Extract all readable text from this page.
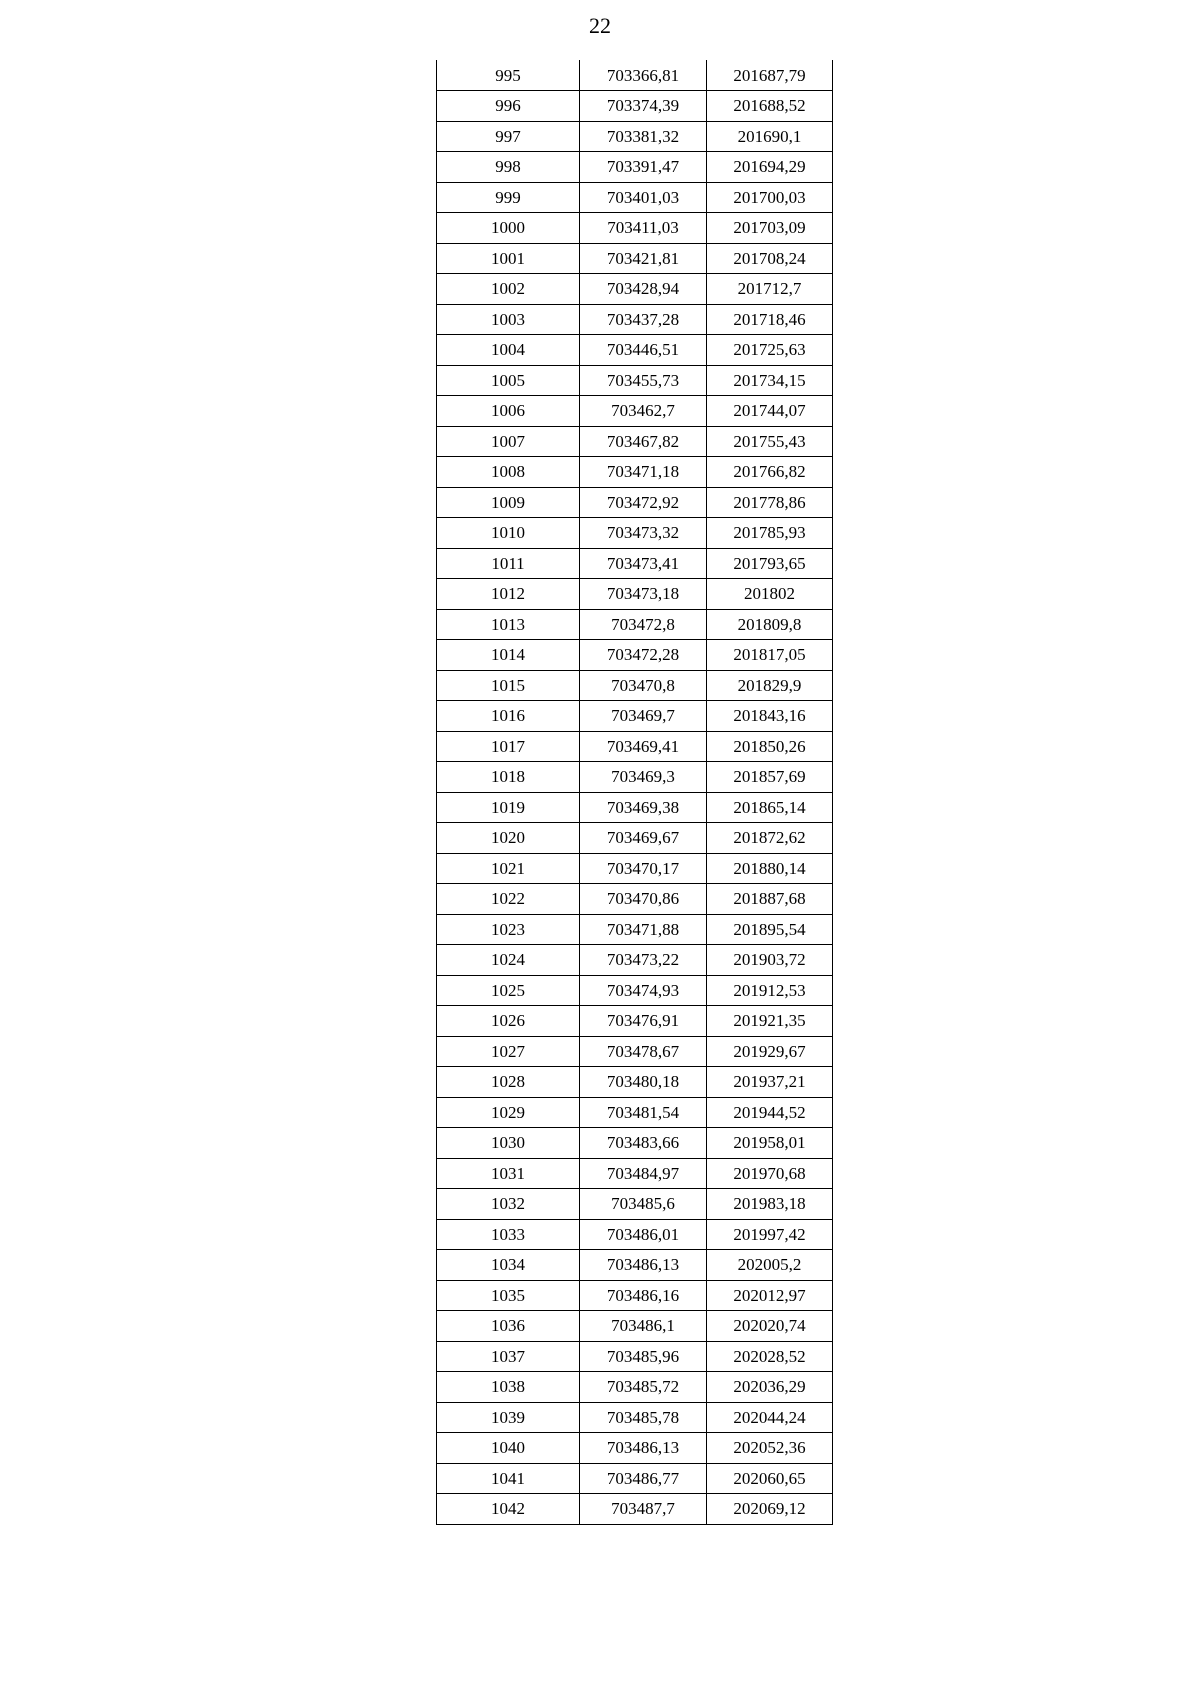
22
995	703366,81	201687,79
996	703374,39	201688,52
997	703381,32	201690,1
998	703391,47	201694,29
999	703401,03	201700,03
1000	703411,03	201703,09
1001	703421,81	201708,24
1002	703428,94	201712,7
1003	703437,28	201718,46
1004	703446,51	201725,63
1005	703455,73	201734,15
1006	703462,7	201744,07
1007	703467,82	201755,43
1008	703471,18	201766,82
1009	703472,92	201778,86
1010	703473,32	201785,93
1011	703473,41	201793,65
1012	703473,18	201802
1013	703472,8	201809,8
1014	703472,28	201817,05
1015	703470,8	201829,9
1016	703469,7	201843,16
1017	703469,41	201850,26
1018	703469,3	201857,69
1019	703469,38	201865,14
1020	703469,67	201872,62
1021	703470,17	201880,14
1022	703470,86	201887,68
1023	703471,88	201895,54
1024	703473,22	201903,72
1025	703474,93	201912,53
1026	703476,91	201921,35
1027	703478,67	201929,67
1028	703480,18	201937,21
1029	703481,54	201944,52
1030	703483,66	201958,01
1031	703484,97	201970,68
1032	703485,6	201983,18
1033	703486,01	201997,42
1034	703486,13	202005,2
1035	703486,16	202012,97
1036	703486,1	202020,74
1037	703485,96	202028,52
1038	703485,72	202036,29
1039	703485,78	202044,24
1040	703486,13	202052,36
1041	703486,77	202060,65
1042	703487,7	202069,12
